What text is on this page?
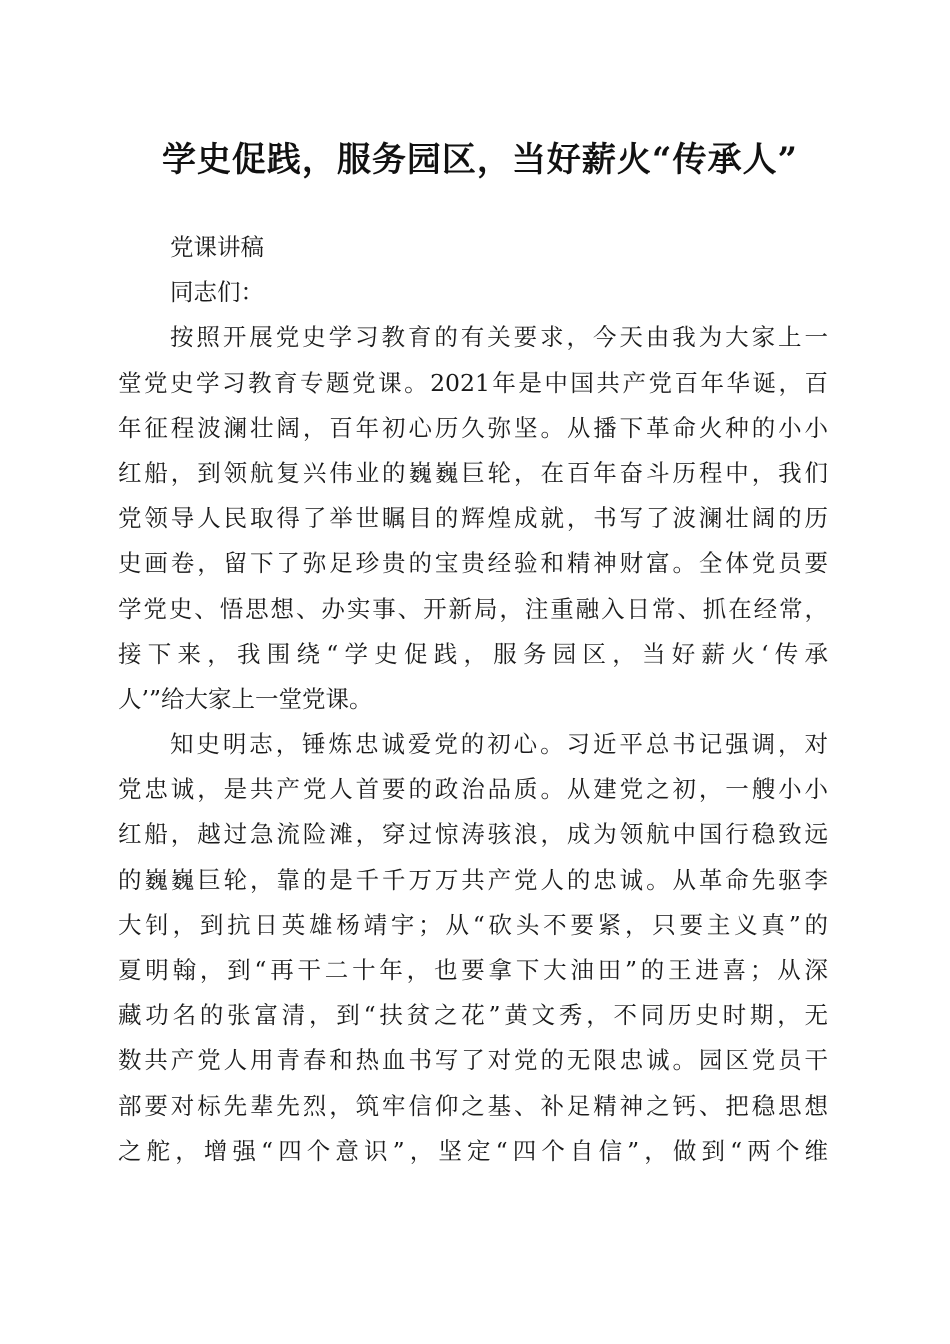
学史促践，服务园区，当好薪火“传承人”
党课讲稿
同志们：
按照开展党史学习教育的有关要求，今天由我为大家上一
堂党史学习教育专题党课。2021年是中国共产党百年华诞，百
年征程波澜壮阔，百年初心历久弥坚。从播下革命火种的小小
红船，到领航复兴伟业的巍巍巨轮，在百年奋斗历程中，我们
党领导人民取得了举世瞩目的辉煌成就，书写了波澜壮阔的历
史画卷，留下了弥足珍贵的宝贵经验和精神财富。全体党员要
学党史、悟思想、办实事、开新局，注重融入日常、抓在经常，
接下来，我围绕“学史促践，服务园区，当好薪火‘传承
人’”给大家上一堂党课。
知史明志，锤炼忠诚爱党的初心。习近平总书记强调，对
党忠诚，是共产党人首要的政治品质。从建党之初，一艘小小
红船，越过急流险滩，穿过惊涛骇浪，成为领航中国行稳致远
的巍巍巨轮，靠的是千千万万共产党人的忠诚。从革命先驱李
大钊，到抗日英雄杨靖宇；从“砍头不要紧，只要主义真”的
夏明翰，到“再干二十年，也要拿下大油田”的王进喜；从深
藏功名的张富清，到“扶贫之花”黄文秀，不同历史时期，无
数共产党人用青春和热血书写了对党的无限忠诚。园区党员干
部要对标先辈先烈，筑牢信仰之基、补足精神之钙、把稳思想
之舵，增强“四个意识”，坚定“四个自信”，做到“两个维
